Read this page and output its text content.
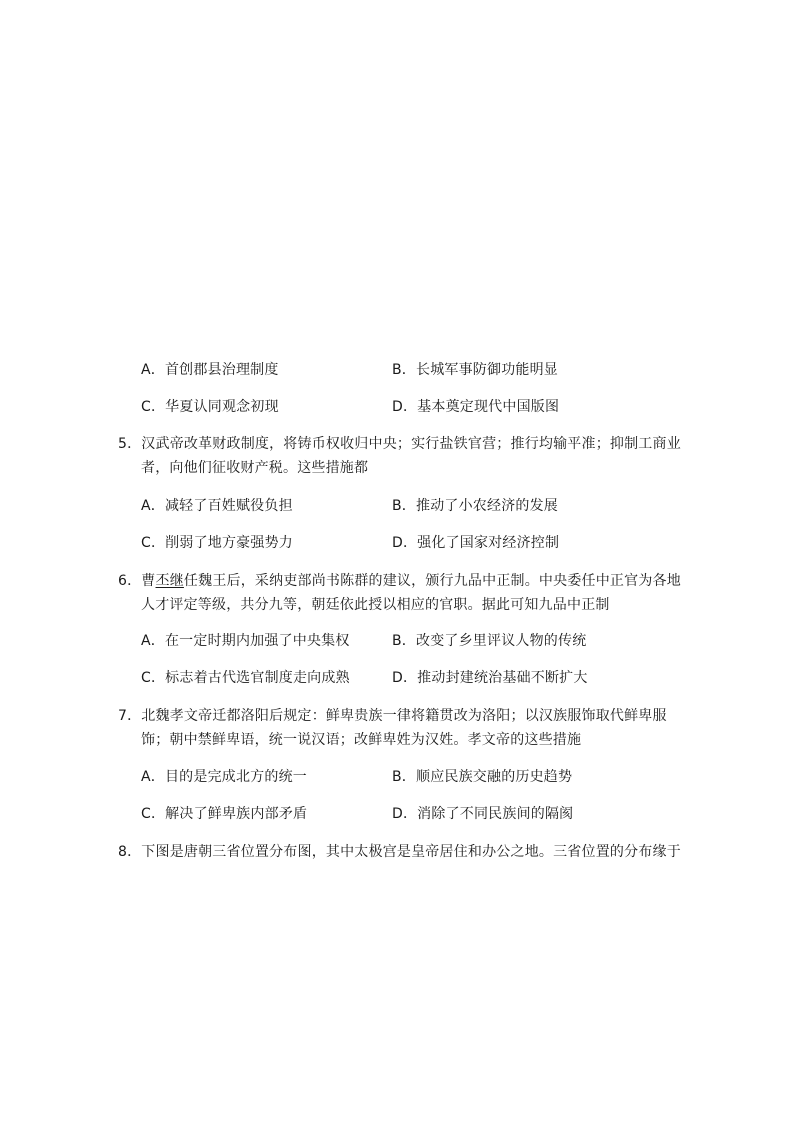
A．首创郡县治理制度	B．长城军事防御功能明显
C．华夏认同观念初现	D．基本奠定现代中国版图
5．汉武帝改革财政制度，将铸币权收归中央；实行盐铁官营；推行均输平准；抑制工商业
者，向他们征收财产税。这些措施都
A．减轻了百姓赋役负担	B．推动了小农经济的发展
C．削弱了地方豪强势力	D．强化了国家对经济控制
6．曹丕继任魏王后，采纳吏部尚书陈群的建议，颁行九品中正制。中央委任中正官为各地
人才评定等级，共分九等，朝廷依此授以相应的官职。据此可知九品中正制
A．在一定时期内加强了中央集权	B．改变了乡里评议人物的传统
C．标志着古代选官制度走向成熟	D．推动封建统治基础不断扩大
7．北魏孝文帝迁都洛阳后规定：鲜卑贵族一律将籍贯改为洛阳；以汉族服饰取代鲜卑服
饰；朝中禁鲜卑语，统一说汉语；改鲜卑姓为汉姓。孝文帝的这些措施
A．目的是完成北方的统一	B．顺应民族交融的历史趋势
C．解决了鲜卑族内部矛盾	D．消除了不同民族间的隔阂
8．下图是唐朝三省位置分布图，其中太极宫是皇帝居住和办公之地。三省位置的分布缘于
